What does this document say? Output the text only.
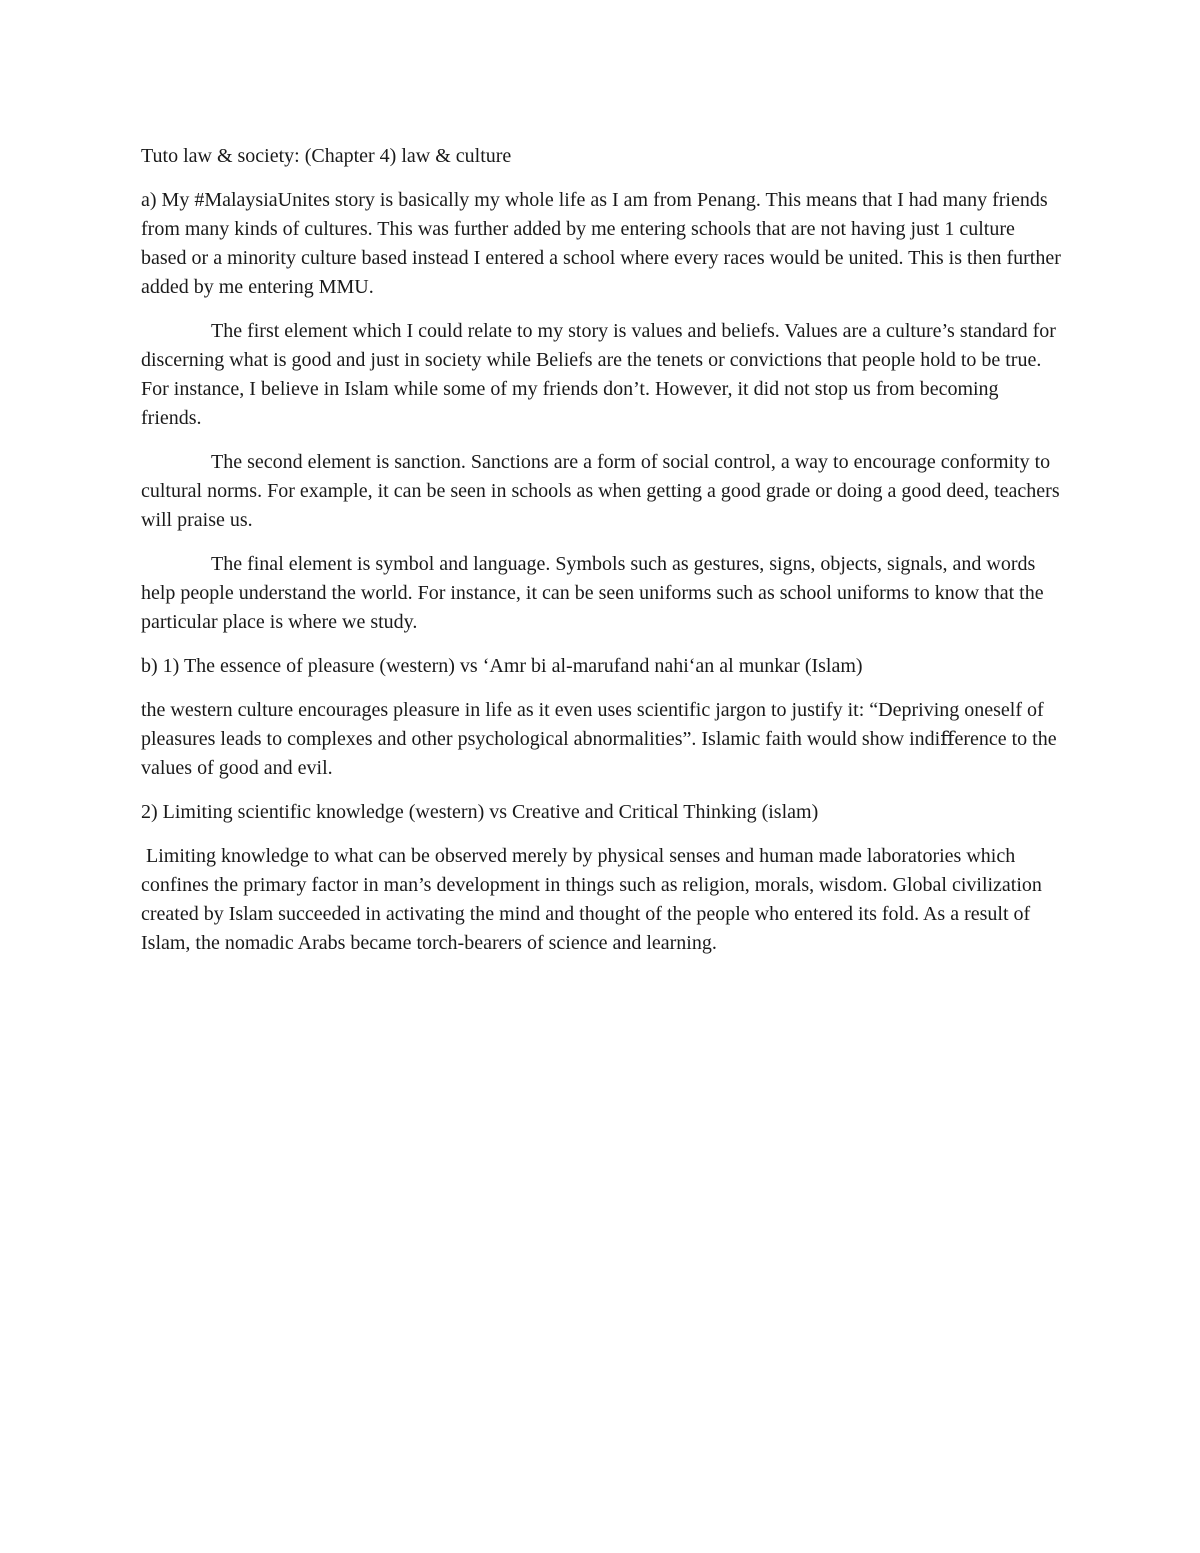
Tuto law & society: (Chapter 4) law & culture

a) My #MalaysiaUnites story is basically my whole life as I am from Penang. This means that I had many friends from many kinds of cultures. This was further added by me entering schools that are not having just 1 culture based or a minority culture based instead I entered a school where every races would be united. This is then further added by me entering MMU.

The first element which I could relate to my story is values and beliefs. Values are a culture’s standard for discerning what is good and just in society while Beliefs are the tenets or convictions that people hold to be true. For instance, I believe in Islam while some of my friends don’t. However, it did not stop us from becoming friends.

The second element is sanction. Sanctions are a form of social control, a way to encourage conformity to cultural norms. For example, it can be seen in schools as when getting a good grade or doing a good deed, teachers will praise us.

The final element is symbol and language. Symbols such as gestures, signs, objects, signals, and words help people understand the world. For instance, it can be seen uniforms such as school uniforms to know that the particular place is where we study.

b) 1) The essence of pleasure (western) vs ‘Amr bi al-marufand nahi‘an al munkar (Islam)

the western culture encourages pleasure in life as it even uses scientific jargon to justify it: “Depriving oneself of pleasures leads to complexes and other psychological abnormalities”. Islamic faith would show indiﬀerence to the values of good and evil.

2) Limiting scientific knowledge (western) vs Creative and Critical Thinking (islam)

Limiting knowledge to what can be observed merely by physical senses and human made laboratories which confines the primary factor in man’s development in things such as religion, morals, wisdom. Global civilization created by Islam succeeded in activating the mind and thought of the people who entered its fold. As a result of Islam, the nomadic Arabs became torch-bearers of science and learning.
